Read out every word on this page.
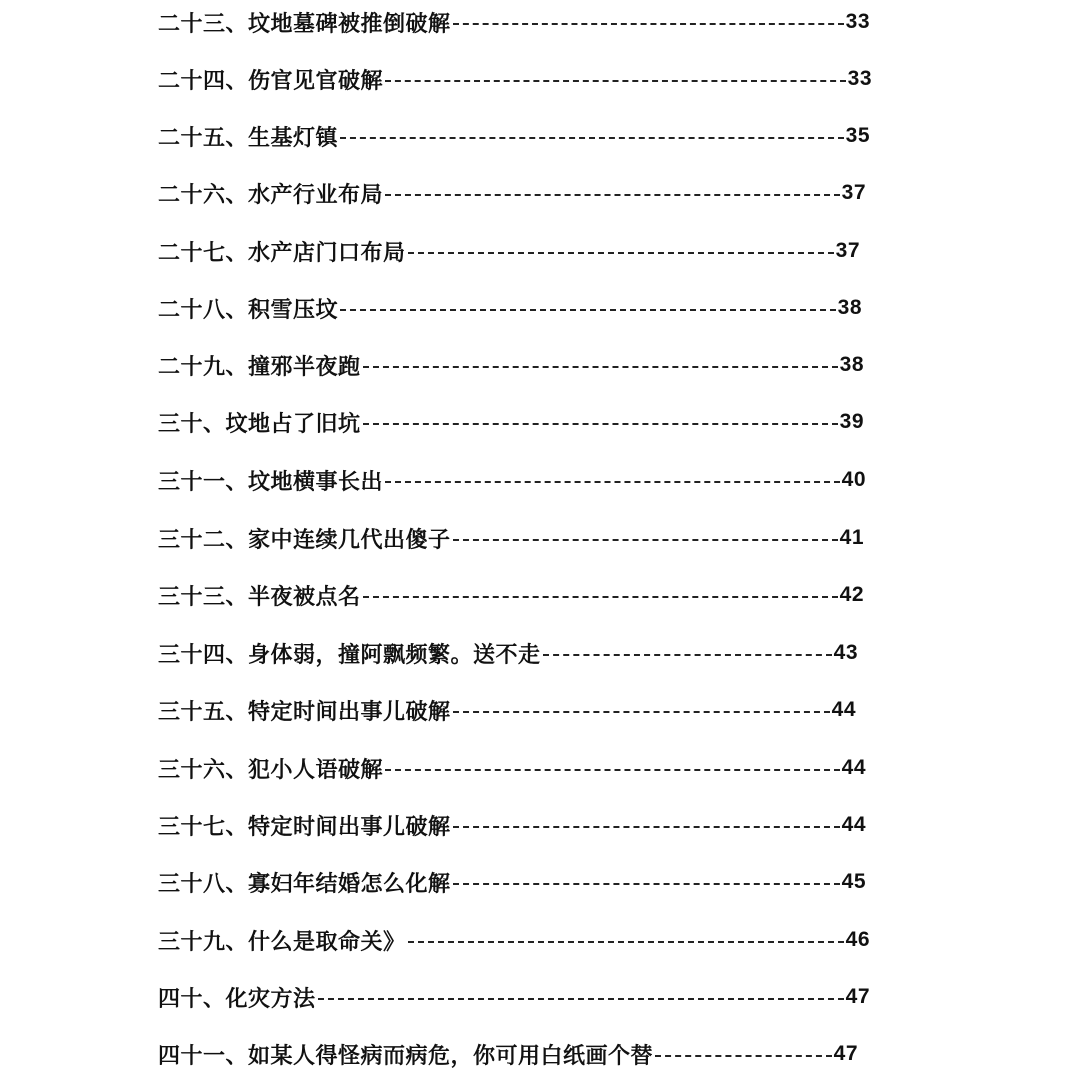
二十三、坟地墓碑被推倒破解	33
二十四、伤官见官破解	33
二十五、生基灯镇	35
二十六、水产行业布局	37
二十七、水产店门口布局	37
二十八、积雪压坟	38
二十九、撞邪半夜跑	38
三十、坟地占了旧坑	39
三十一、坟地横事长出	40
三十二、家中连续几代出傻子	41
三十三、半夜被点名	42
三十四、身体弱，撞阿飘频繁。送不走	43
三十五、特定时间出事儿破解	44
三十六、犯小人语破解	44
三十七、特定时间出事儿破解	44
三十八、寡妇年结婚怎么化解	45
三十九、什么是取命关》	46
四十、化灾方法	47
四十一、如某人得怪病而病危，你可用白纸画个替	47
